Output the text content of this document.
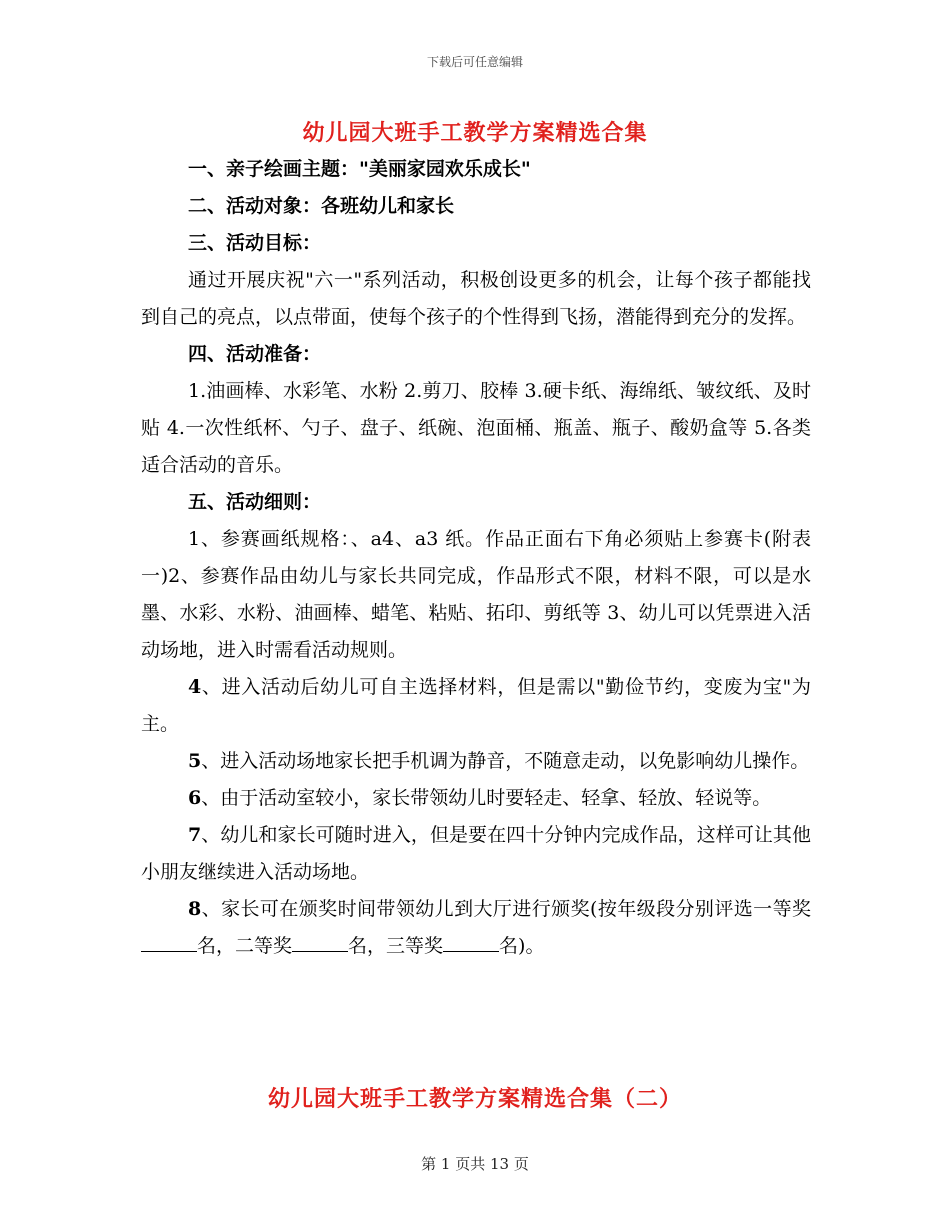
下载后可任意编辑
幼儿园大班手工教学方案精选合集

一、亲子绘画主题："美丽家园欢乐成长"

二、活动对象：各班幼儿和家长

三、活动目标：

通过开展庆祝"六一"系列活动，积极创设更多的机会，让每个孩子都能找到自己的亮点，以点带面，使每个孩子的个性得到飞扬，潜能得到充分的发挥。

四、活动准备：

1.油画棒、水彩笔、水粉 2.剪刀、胶棒 3.硬卡纸、海绵纸、皱纹纸、及时贴 4.一次性纸杯、勺子、盘子、纸碗、泡面桶、瓶盖、瓶子、酸奶盒等 5.各类适合活动的音乐。

五、活动细则：

1、参赛画纸规格：、a4、a3 纸。作品正面右下角必须贴上参赛卡(附表一)2、参赛作品由幼儿与家长共同完成，作品形式不限，材料不限，可以是水墨、水彩、水粉、油画棒、蜡笔、粘贴、拓印、剪纸等 3、幼儿可以凭票进入活动场地，进入时需看活动规则。

4、进入活动后幼儿可自主选择材料，但是需以"勤俭节约，变废为宝"为主。

5、进入活动场地家长把手机调为静音，不随意走动，以免影响幼儿操作。

6、由于活动室较小，家长带领幼儿时要轻走、轻拿、轻放、轻说等。

7、幼儿和家长可随时进入，但是要在四十分钟内完成作品，这样可让其他小朋友继续进入活动场地。

8、家长可在颁奖时间带领幼儿到大厅进行颁奖(按年级段分别评选一等奖名，二等奖	名，三等奖	名)。

幼儿园大班手工教学方案精选合集（二）
第 1 页共 13 页
